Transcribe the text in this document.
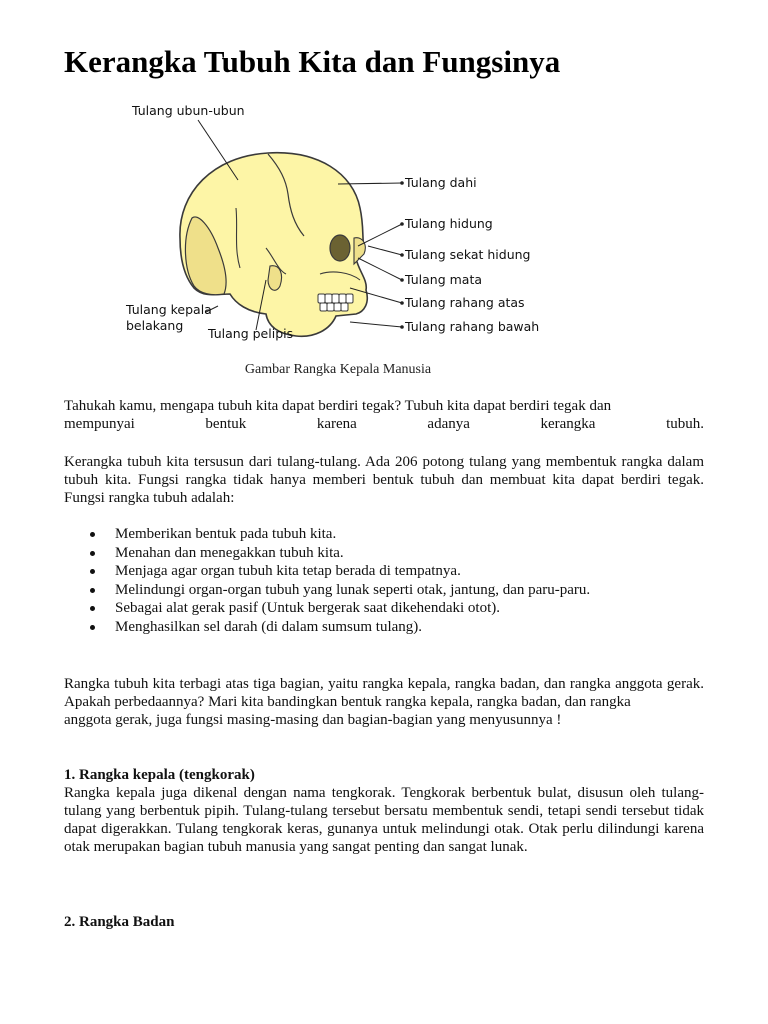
Kerangka Tubuh Kita dan Fungsinya
Tulang ubun-ubun
Tulang dahi
Tulang hidung
Tulang sekat hidung
Tulang mata
Tulang rahang atas
Tulang rahang bawah
Tulang kepala
belakang
Tulang pelipis
Gambar Rangka Kepala Manusia

Tahukah kamu, mengapa tubuh kita dapat berdiri tegak? Tubuh kita dapat berdiri tegak dan

mempunyai bentuk karena adanya kerangka tubuh.

Kerangka tubuh kita tersusun dari tulang-tulang. Ada 206 potong tulang yang membentuk rangka dalam tubuh kita. Fungsi rangka tidak hanya memberi bentuk tubuh dan membuat kita dapat berdiri tegak. Fungsi rangka tubuh adalah:

Memberikan bentuk pada tubuh kita.
Menahan dan menegakkan tubuh kita.
Menjaga agar organ tubuh kita tetap berada di tempatnya.
Melindungi organ-organ tubuh yang lunak seperti otak, jantung, dan paru-paru.
Sebagai alat gerak pasif (Untuk bergerak saat dikehendaki otot).
Menghasilkan sel darah (di dalam sumsum tulang).

Rangka tubuh kita terbagi atas tiga bagian, yaitu rangka kepala, rangka badan, dan rangka anggota gerak. Apakah perbedaannya? Mari kita bandingkan bentuk rangka kepala, rangka badan, dan rangka

anggota gerak, juga fungsi masing-masing dan bagian-bagian yang menyusunnya !

1. Rangka kepala (tengkorak)

Rangka kepala juga dikenal dengan nama tengkorak. Tengkorak berbentuk bulat, disusun oleh tulang-tulang yang berbentuk pipih. Tulang-tulang tersebut bersatu membentuk sendi, tetapi sendi tersebut tidak dapat digerakkan. Tulang tengkorak keras, gunanya untuk melindungi otak. Otak perlu dilindungi karena otak merupakan bagian tubuh manusia yang sangat penting dan sangat lunak.

2. Rangka Badan
